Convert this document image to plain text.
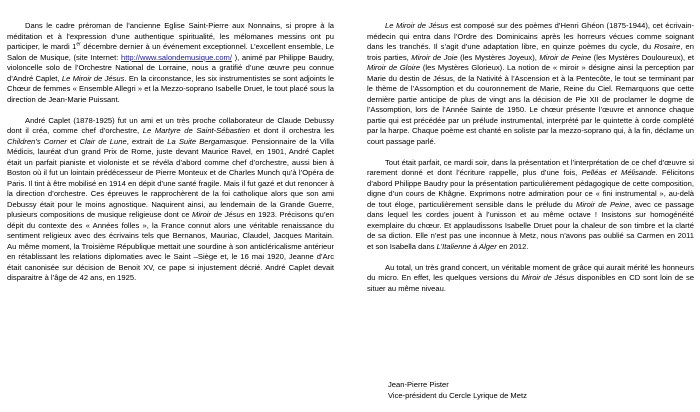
Dans le cadre préroman de l’ancienne Eglise Saint-Pierre aux Nonnains, si propre à la méditation et à l’expression d’une authentique spiritualité, les mélomanes messins ont pu participer, le mardi 1er décembre dernier à un événement exceptionnel. L’excellent ensemble, Le Salon de Musique, (site Internet: http://www.salondemusique.com/ ), animé par Philippe Baudry, violoncelle solo de l’Orchestre National de Lorraine, nous a gratifié d’une œuvre peu connue d’André Caplet, Le Miroir de Jésus. En la circonstance, les six instrumentistes se sont adjoints le Chœur de femmes « Ensemble Allegri » et la Mezzo-soprano Isabelle Druet, le tout placé sous la direction de Jean-Marie Puissant.

André Caplet (1878-1925) fut un ami et un très proche collaborateur de Claude Debussy dont il créa, comme chef d’orchestre, Le Martyre de Saint-Sébastien et dont il orchestra les Children’s Corner et Clair de Lune, extrait de La Suite Bergamasque. Pensionnaire de la Villa Médicis, lauréat d’un grand Prix de Rome, juste devant Maurice Ravel, en 1901, André Caplet était un parfait pianiste et violoniste et se révéla d’abord comme chef d’orchestre, aussi bien à Boston où il fut un lointain prédécesseur de Pierre Monteux et de Charles Munch qu’à l’Opéra de Paris. Il tint à être mobilisé en 1914 en dépit d’une santé fragile. Mais il fut gazé et dut renoncer à la direction d’orchestre. Ces épreuves le rapprochèrent de la foi catholique alors que son ami Debussy était pour le moins agnostique. Naquirent ainsi, au lendemain de la Grande Guerre, plusieurs compositions de musique religieuse dont ce Miroir de Jésus en 1923. Précisons qu’en dépit du contexte des « Années folles », la France connut alors une véritable renaissance du sentiment religieux avec des écrivains tels que Bernanos, Mauriac, Claudel, Jacques Maritain. Au même moment, la Troisième République mettait une sourdine à son anticléricalisme antérieur en rétablissant les relations diplomaties avec le Saint –Siège et, le 16 mai 1920, Jeanne d’Arc était canonisée sur décision de Benoit XV, ce pape si injustement décrié. André Caplet devait disparaitre à l’âge de 42 ans, en 1925.

Le Miroir de Jésus est composé sur des poèmes d’Henri Ghéon (1875-1944), cet écrivain-médecin qui entra dans l’Ordre des Dominicains après les horreurs vécues comme soignant dans les tranchés. Il s’agit d’une adaptation libre, en quinze poèmes du cycle, du Rosaire, en trois parties, Miroir de Joie (les Mystères Joyeux), Miroir de Peine (les Mystères Douloureux), et Miroir de Gloire (les Mystères Glorieux). La notion de « miroir » désigne ainsi la perception par Marie du destin de Jésus, de la Nativité à l’Ascension et à la Pentecôte, le tout se terminant par le thème de l’Assomption et du couronnement de Marie, Reine du Ciel. Remarquons que cette dernière partie anticipe de plus de vingt ans la décision de Pie XII de proclamer le dogme de l’Assomption, lors de l’Année Sainte de 1950. Le chœur présente l’œuvre et annonce chaque partie qui est précédée par un prélude instrumental, interprété par le quintette à corde complété par la harpe. Chaque poème est chanté en soliste par la mezzo-soprano qui, à la fin, déclame un court passage parlé.

Tout était parfait, ce mardi soir, dans la présentation et l’interprétation de ce chef d’œuvre si rarement donné et dont l’écriture rappelle, plus d’une fois, Pelléas et Mélisande. Félicitons d’abord Philippe Baudry pour la présentation particulièrement pédagogique de cette composition, digne d’un cours de Khâgne. Exprimons notre admiration pour ce « fini instrumental », au-delà de tout éloge, particulièrement sensible dans le prélude du Miroir de Peine, avec ce passage dans lequel les cordes jouent à l’unisson et au même octave ! Insistons sur homogénéité exemplaire du chœur. Et applaudissons Isabelle Druet pour la chaleur de son timbre et la clarté de sa diction. Elle n’est pas une inconnue à Metz, nous n’avons pas oublié sa Carmen en 2011 et son Isabella dans L’Italienne à Alger en 2012.

Au total, un très grand concert, un véritable moment de grâce qui aurait mérité les honneurs du micro. En effet, les quelques versions du Miroir de Jésus disponibles en CD sont loin de se situer au même niveau.

Jean-Pierre Pister
Vice-président du Cercle Lyrique de Metz
